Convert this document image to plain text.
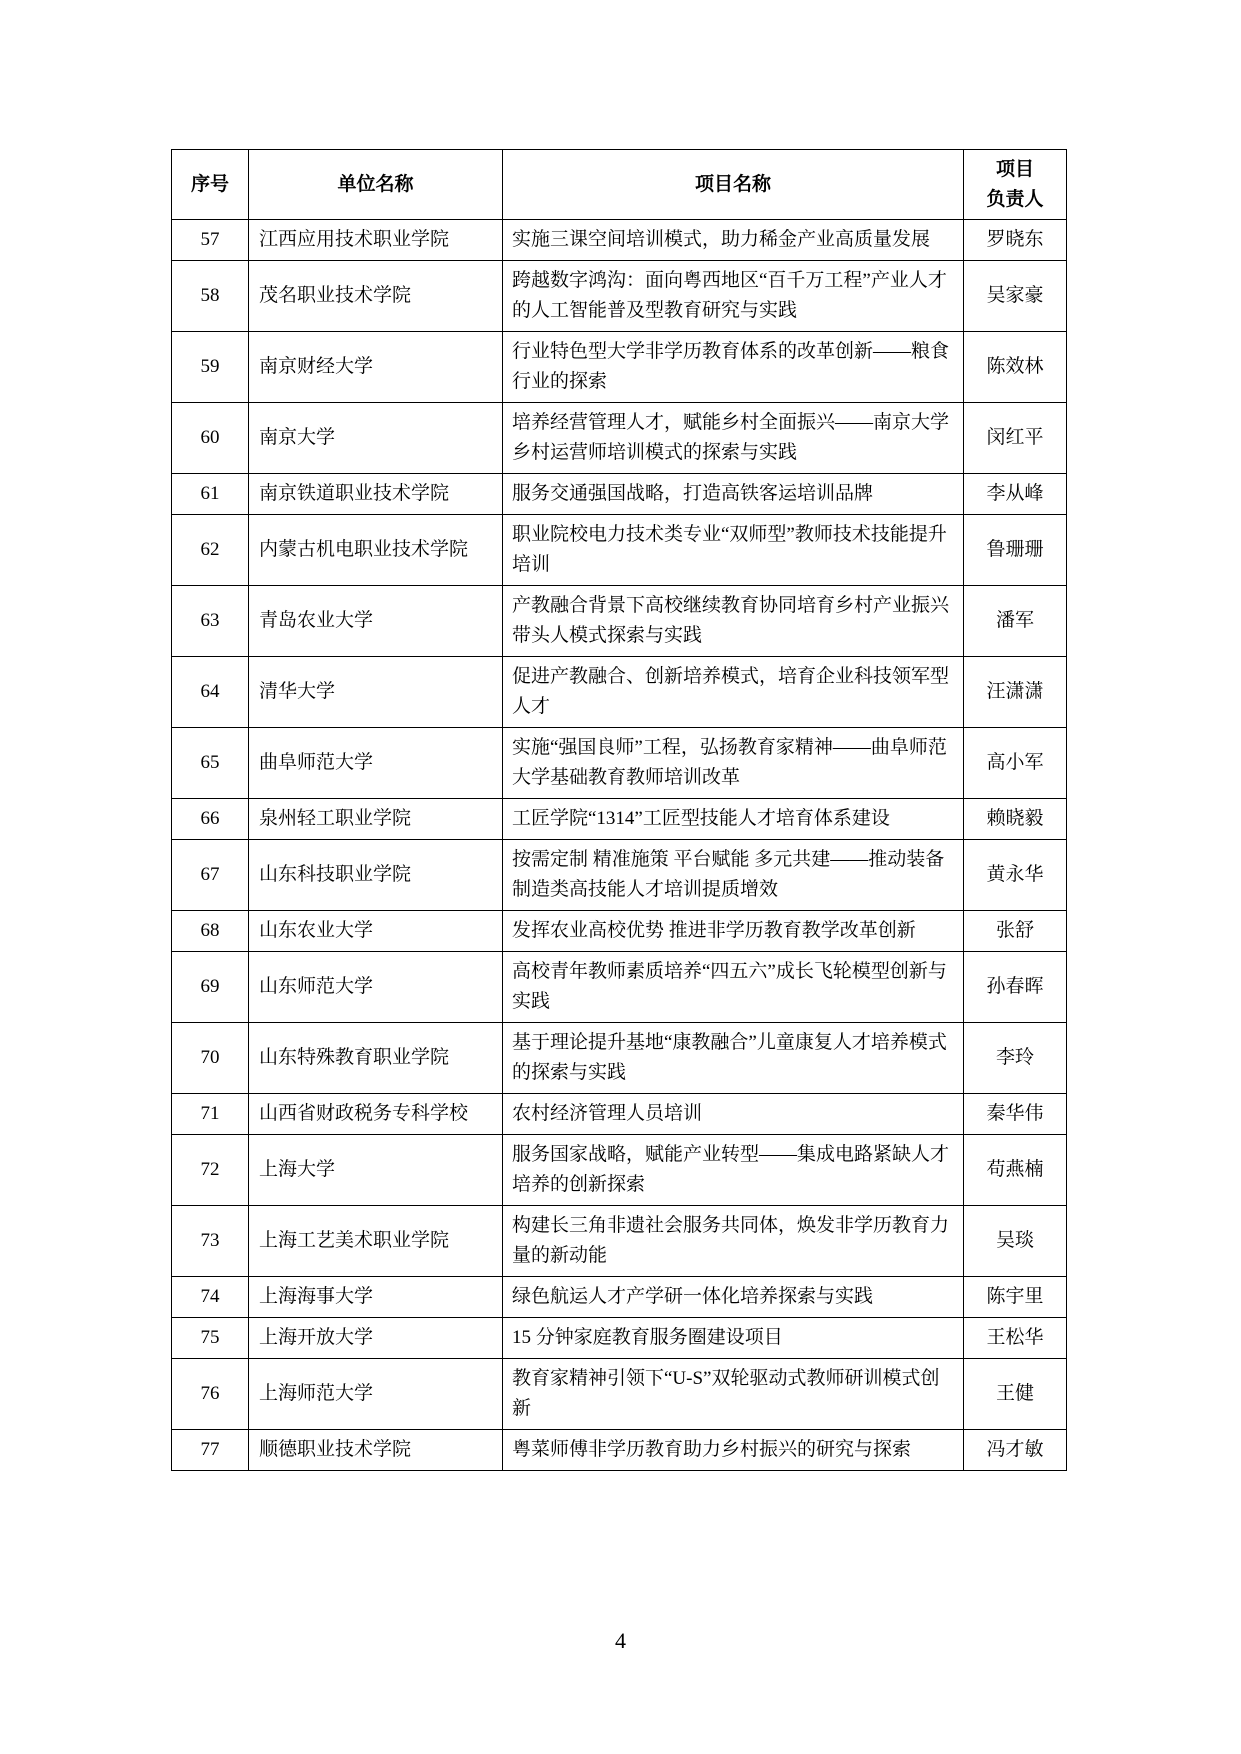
序号	单位名称	项目名称	项目
负责人
57	江西应用技术职业学院	实施三课空间培训模式，助力稀金产业高质量发展	罗晓东
58	茂名职业技术学院	跨越数字鸿沟：面向粤西地区“百千万工程”产业人才的人工智能普及型教育研究与实践	吴家豪
59	南京财经大学	行业特色型大学非学历教育体系的改革创新——粮食行业的探索	陈效林
60	南京大学	培养经营管理人才，赋能乡村全面振兴——南京大学乡村运营师培训模式的探索与实践	闵红平
61	南京铁道职业技术学院	服务交通强国战略，打造高铁客运培训品牌	李从峰
62	内蒙古机电职业技术学院	职业院校电力技术类专业“双师型”教师技术技能提升培训	鲁珊珊
63	青岛农业大学	产教融合背景下高校继续教育协同培育乡村产业振兴带头人模式探索与实践	潘军
64	清华大学	促进产教融合、创新培养模式，培育企业科技领军型人才	汪潇潇
65	曲阜师范大学	实施“强国良师”工程，弘扬教育家精神——曲阜师范大学基础教育教师培训改革	高小军
66	泉州轻工职业学院	工匠学院“1314”工匠型技能人才培育体系建设	赖晓毅
67	山东科技职业学院	按需定制 精准施策 平台赋能 多元共建——推动装备制造类高技能人才培训提质增效	黄永华
68	山东农业大学	发挥农业高校优势 推进非学历教育教学改革创新	张舒
69	山东师范大学	高校青年教师素质培养“四五六”成长飞轮模型创新与实践	孙春晖
70	山东特殊教育职业学院	基于理论提升基地“康教融合”儿童康复人才培养模式的探索与实践	李玲
71	山西省财政税务专科学校	农村经济管理人员培训	秦华伟
72	上海大学	服务国家战略，赋能产业转型——集成电路紧缺人才培养的创新探索	苟燕楠
73	上海工艺美术职业学院	构建长三角非遗社会服务共同体，焕发非学历教育力量的新动能	吴琰
74	上海海事大学	绿色航运人才产学研一体化培养探索与实践	陈宇里
75	上海开放大学	15 分钟家庭教育服务圈建设项目	王松华
76	上海师范大学	教育家精神引领下“U-S”双轮驱动式教师研训模式创新	王健
77	顺德职业技术学院	粤菜师傅非学历教育助力乡村振兴的研究与探索	冯才敏
4
